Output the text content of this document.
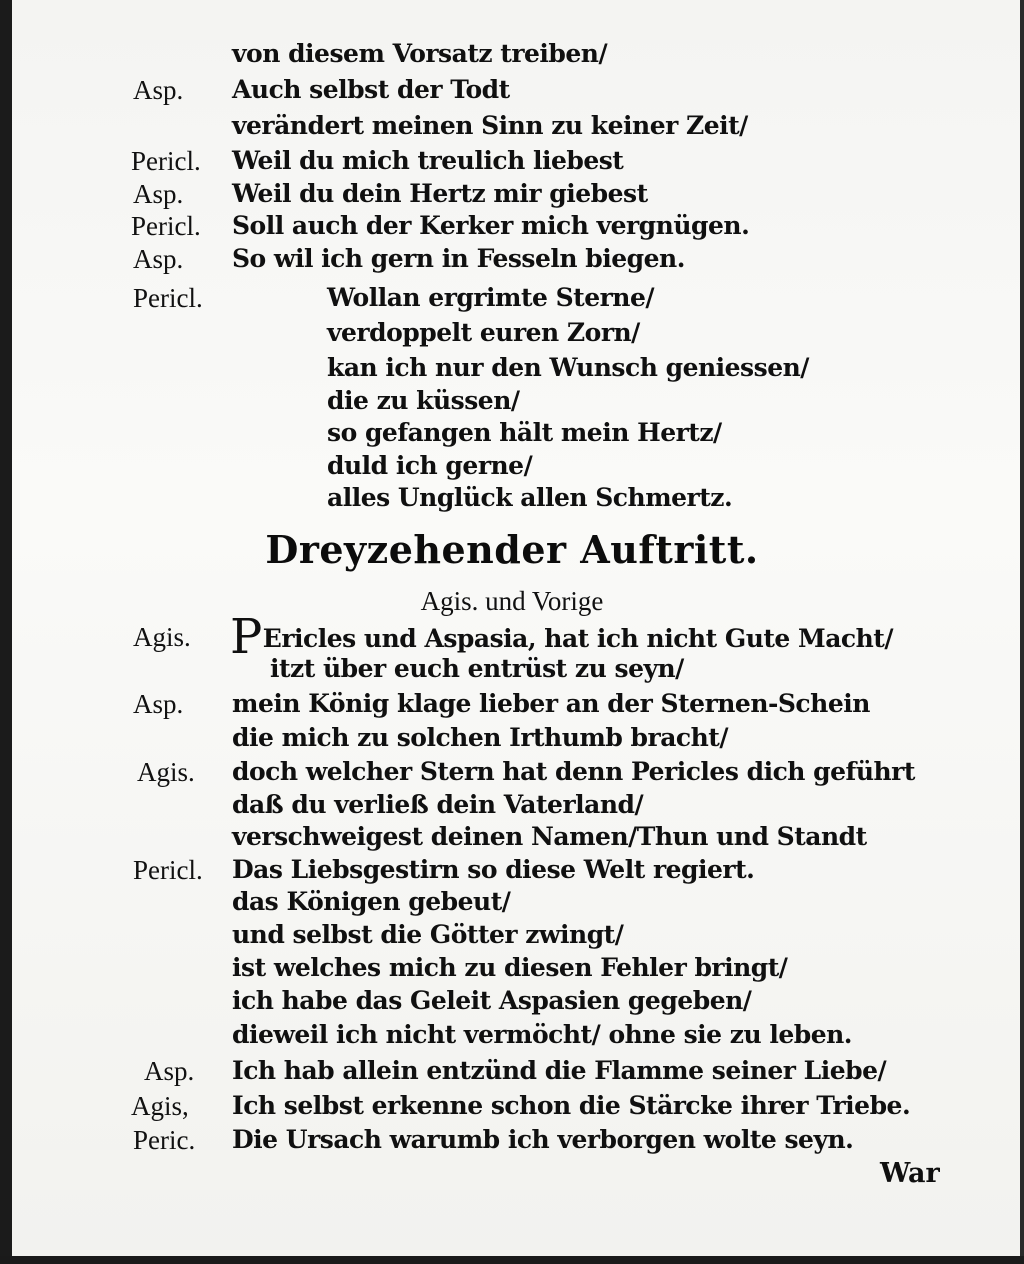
von diesem Vorsatz treiben/
Asp. Auch selbst der Todt
verändert meinen Sinn zu keiner Zeit/
Pericl. Weil du mich treulich liebest
Asp. Weil du dein Hertz mir giebest
Pericl. Soll auch der Kerker mich vergnügen.
Asp. So wil ich gern in Fesseln biegen.
Pericl.	Wollan ergrimte Sterne/
verdoppelt euren Zorn/
kan ich nur den Wunsch geniessen/
die zu küssen/
so gefangen hält mein Hertz/
duld ich gerne/
alles Unglück allen Schmertz.
Dreyzehender Auftritt.
Agis. und Vorige
Agis. PEricles und Aspasia, hat ich nicht Gute Macht/
itzt über euch entrüst zu seyn/
Asp. mein König klage lieber an der Sternen-Schein
die mich zu solchen Irthumb bracht/
Agis. doch welcher Stern hat denn Pericles dich geführt
daß du verließ dein Vaterland/
verschweigest deinen Namen/Thun und Standt
Pericl. Das Liebsgestirn so diese Welt regiert.
das Königen gebeut/
und selbst die Götter zwingt/
ist welches mich zu diesen Fehler bringt/
ich habe das Geleit Aspasien gegeben/
dieweil ich nicht vermöcht/ ohne sie zu leben.
Asp. Ich hab allein entzünd die Flamme seiner Liebe/
Agis, Ich selbst erkenne schon die Stärcke ihrer Triebe.
Peric. Die Ursach warumb ich verborgen wolte seyn.
War
